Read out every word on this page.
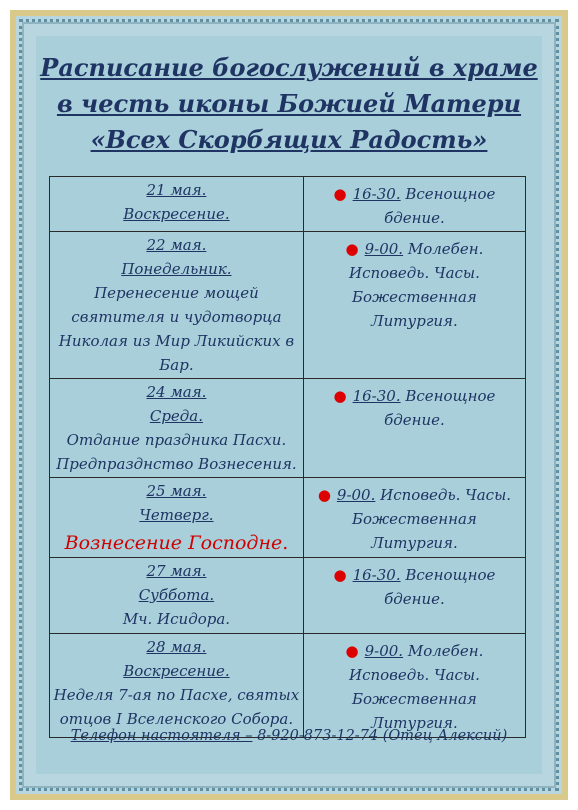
Расписание богослужений в храме
в честь иконы Божией Матери
«Всех Скорбящих Радость»
21 мая.
Воскресение.	● 16-30. Всенощное бдение.

22 мая.
Понедельник.
Перенесение мощей святителя и чудотворца Николая из Мир Ликийских в Бар.	● 9-00. Молебен. Исповедь. Часы. Божественная Литургия.

24 мая.
Среда.
Отдание праздника Пасхи.
Предпразднство Вознесения.	● 16-30. Всенощное бдение.

25 мая.
Четверг.
Вознесение Господне.	● 9-00. Исповедь. Часы. Божественная Литургия.

27 мая.
Суббота.
Мч. Исидора.	● 16-30. Всенощное бдение.

28 мая.
Воскресение.
Неделя 7-ая по Пасхе, святых отцов I Вселенского Собора.	● 9-00. Молебен. Исповедь. Часы. Божественная Литургия.
Телефон настоятеля – 8-920-873-12-74 (Отец Алексий)
